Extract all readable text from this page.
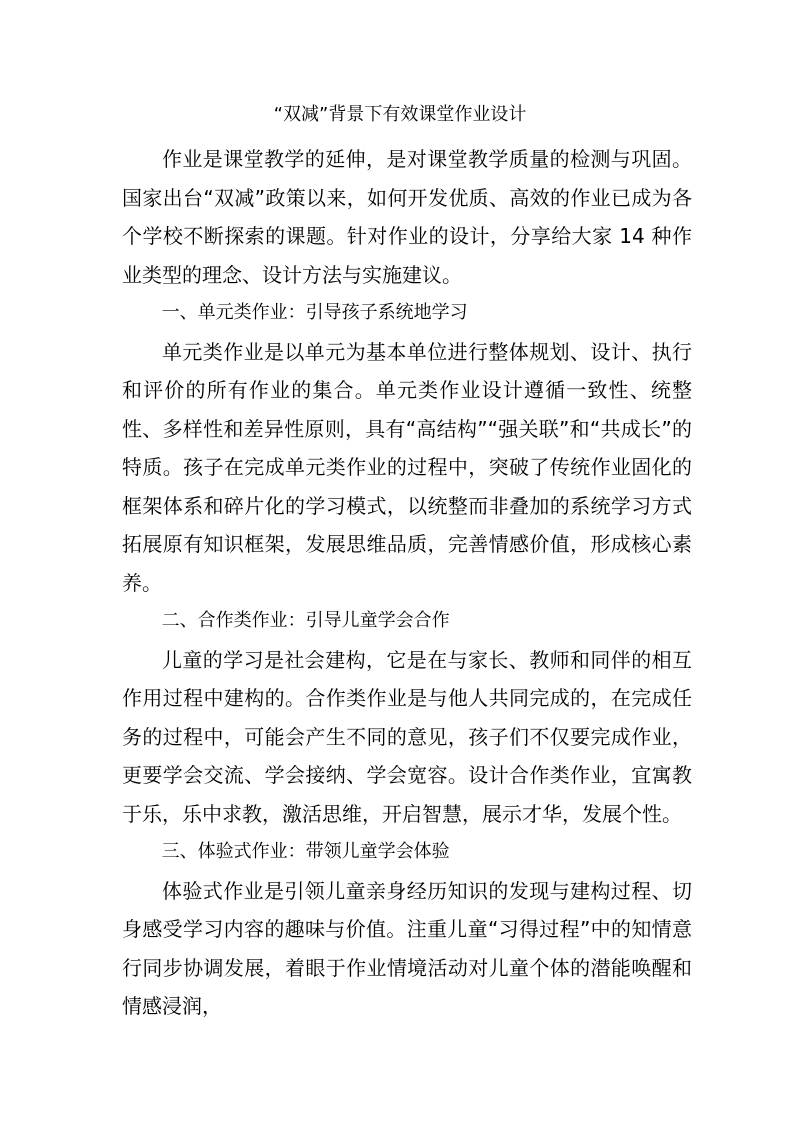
“双减”背景下有效课堂作业设计

作业是课堂教学的延伸，是对课堂教学质量的检测与巩固。国家出台“双减”政策以来，如何开发优质、高效的作业已成为各个学校不断探索的课题。针对作业的设计，分享给大家 14 种作业类型的理念、设计方法与实施建议。

一、单元类作业：引导孩子系统地学习

单元类作业是以单元为基本单位进行整体规划、设计、执行和评价的所有作业的集合。单元类作业设计遵循一致性、统整性、多样性和差异性原则，具有“高结构”“强关联”和“共成长”的特质。孩子在完成单元类作业的过程中，突破了传统作业固化的框架体系和碎片化的学习模式，以统整而非叠加的系统学习方式拓展原有知识框架，发展思维品质，完善情感价值，形成核心素养。

二、合作类作业：引导儿童学会合作

儿童的学习是社会建构，它是在与家长、教师和同伴的相互作用过程中建构的。合作类作业是与他人共同完成的，在完成任务的过程中，可能会产生不同的意见，孩子们不仅要完成作业，更要学会交流、学会接纳、学会宽容。设计合作类作业，宜寓教于乐，乐中求教，激活思维，开启智慧，展示才华，发展个性。

三、体验式作业：带领儿童学会体验

体验式作业是引领儿童亲身经历知识的发现与建构过程、切身感受学习内容的趣味与价值。注重儿童“习得过程”中的知情意行同步协调发展，着眼于作业情境活动对儿童个体的潜能唤醒和情感浸润，
